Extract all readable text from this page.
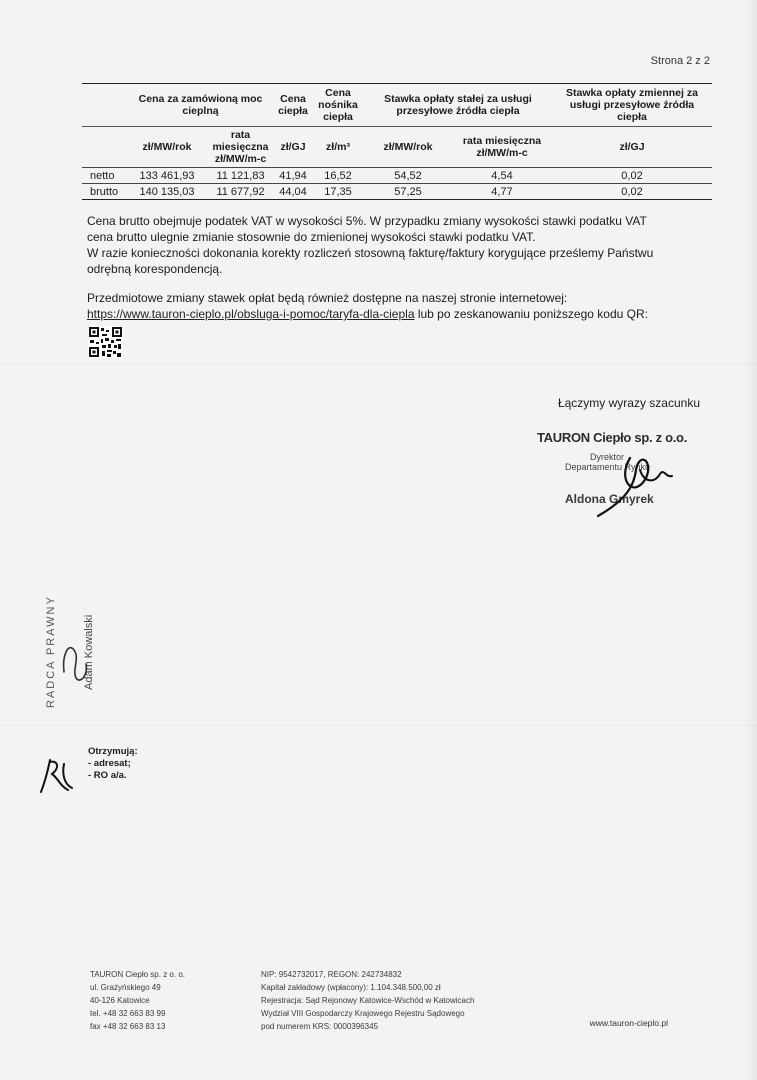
Strona 2 z 2
	Cena za zamówioną moc cieplną		Cena ciepła	Cena nośnika ciepła	Stawka opłaty stałej za usługi przesyłowe źródła ciepła		Stawka opłaty zmiennej za usługi przesyłowe źródła ciepła
	zł/MW/rok	rata miesięczna zł/MW/m-c	zł/GJ	zł/m³	zł/MW/rok	rata miesięczna zł/MW/m-c	zł/GJ
netto	133 461,93	11 121,83	41,94	16,52	54,52	4,54	0,02
brutto	140 135,03	11 677,92	44,04	17,35	57,25	4,77	0,02

Cena brutto obejmuje podatek VAT w wysokości 5%. W przypadku zmiany wysokości stawki podatku VAT

cena brutto ulegnie zmianie stosownie do zmienionej wysokości stawki podatku VAT.

W razie konieczności dokonania korekty rozliczeń stosowną fakturę/faktury korygujące prześlemy Państwu

odrębną korespondencją.

Przedmiotowe zmiany stawek opłat będą również dostępne na naszej stronie internetowej:

https://www.tauron-cieplo.pl/obsluga-i-pomoc/taryfa-dla-ciepla lub po zeskanowaniu poniższego kodu QR:

Łączymy wyrazy szacunku
TAURON Ciepło sp. z o.o.
Dyrektor
Departamentu Rynku
Aldona Gmyrek
RADCA PRAWNY Adam Kowalski
Otrzymują:
- adresat;
- RO a/a.
TAURON Ciepło sp. z o. o.
ul. Grażyńskiego 49
40-126 Katowice
tel. +48 32 663 83 99
fax +48 32 663 83 13
NIP: 9542732017, REGON: 242734832
Kapitał zakładowy (wpłacony): 1.104.348.500,00 zł
Rejestracja: Sąd Rejonowy Katowice-Wschód w Katowicach
Wydział VIII Gospodarczy Krajowego Rejestru Sądowego
pod numerem KRS: 0000396345	www.tauron-cieplo.pl
